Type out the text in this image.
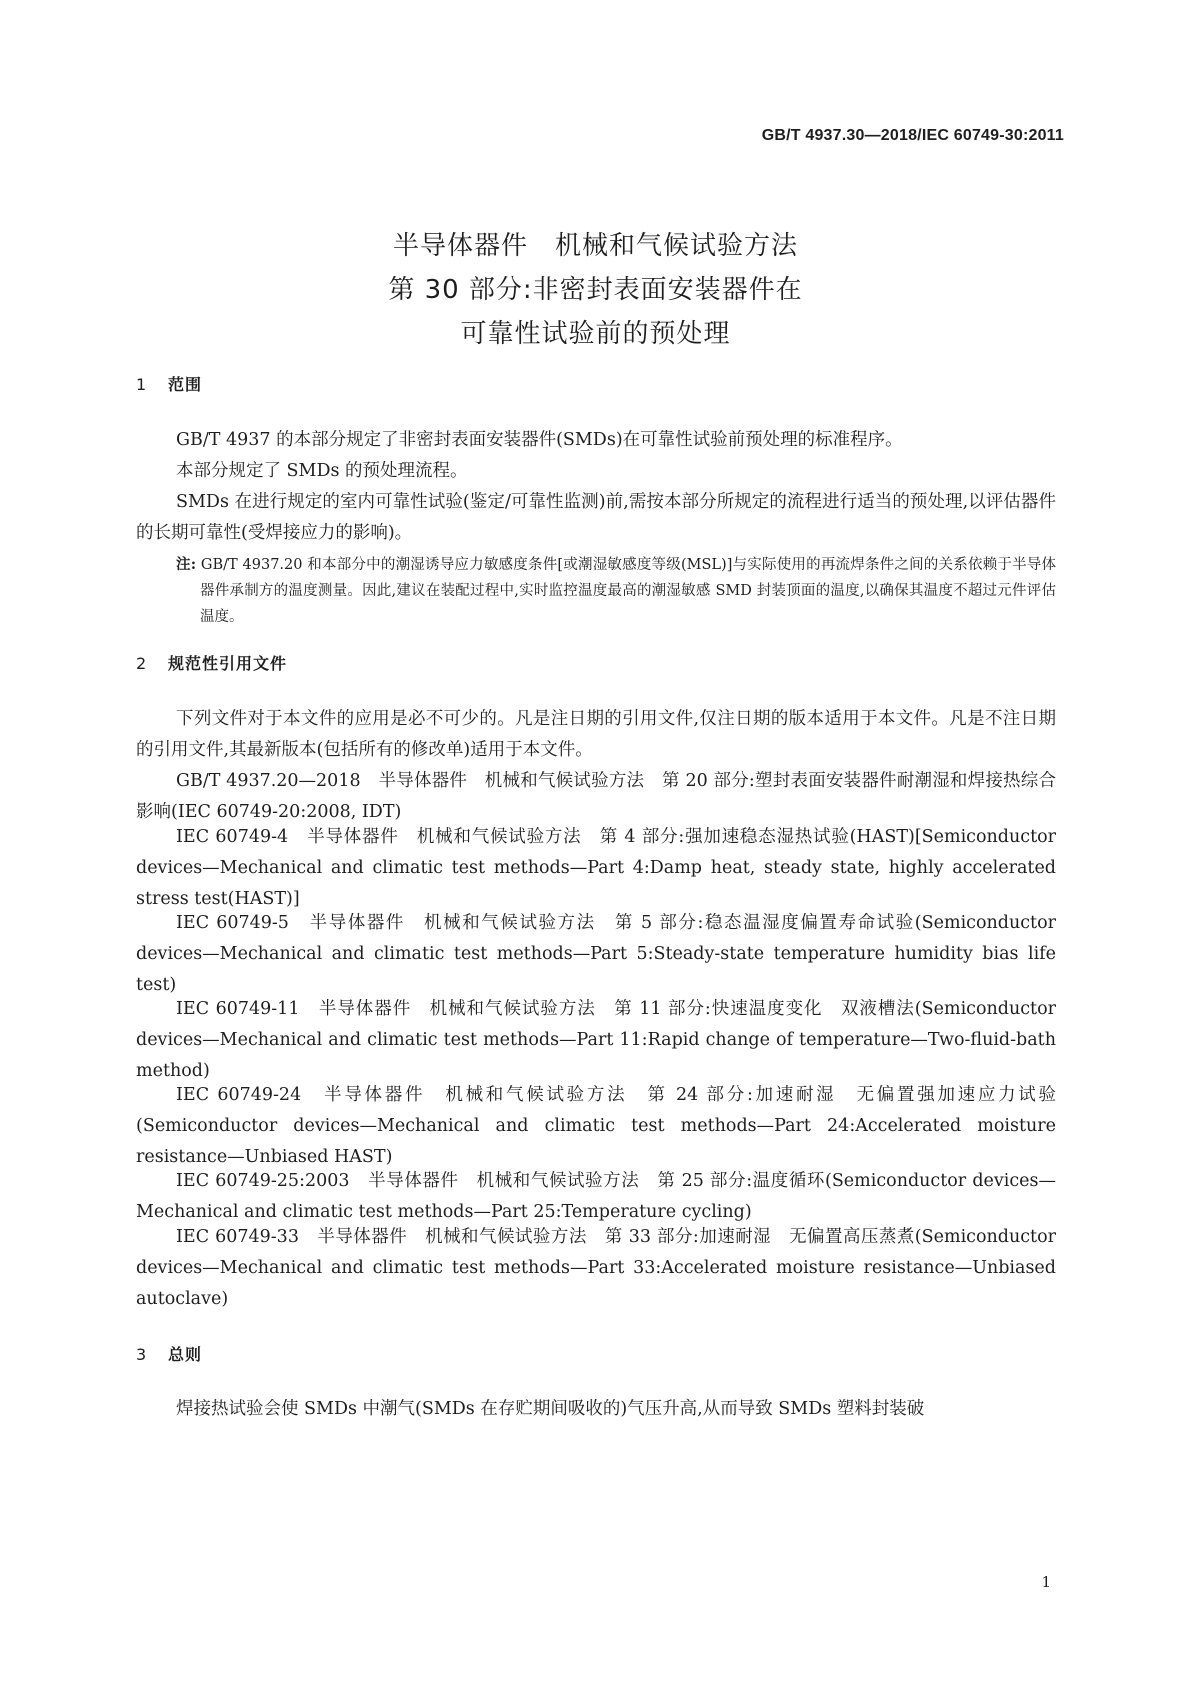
GB/T 4937.30—2018/IEC 60749-30:2011
半导体器件　机械和气候试验方法
第 30 部分:非密封表面安装器件在
可靠性试验前的预处理
1 范围
GB/T 4937 的本部分规定了非密封表面安装器件(SMDs)在可靠性试验前预处理的标准程序。
本部分规定了 SMDs 的预处理流程。
SMDs 在进行规定的室内可靠性试验(鉴定/可靠性监测)前,需按本部分所规定的流程进行适当的预处理,以评估器件的长期可靠性(受焊接应力的影响)。
注: GB/T 4937.20 和本部分中的潮湿诱导应力敏感度条件[或潮湿敏感度等级(MSL)]与实际使用的再流焊条件之间的关系依赖于半导体器件承制方的温度测量。因此,建议在装配过程中,实时监控温度最高的潮湿敏感 SMD 封装顶面的温度,以确保其温度不超过元件评估温度。
2 规范性引用文件
下列文件对于本文件的应用是必不可少的。凡是注日期的引用文件,仅注日期的版本适用于本文件。凡是不注日期的引用文件,其最新版本(包括所有的修改单)适用于本文件。
GB/T 4937.20—2018　半导体器件　机械和气候试验方法　第 20 部分:塑封表面安装器件耐潮湿和焊接热综合影响(IEC 60749-20:2008, IDT)
IEC 60749-4　半导体器件　机械和气候试验方法　第 4 部分:强加速稳态湿热试验(HAST)[Semiconductor devices—Mechanical and climatic test methods—Part 4:Damp heat, steady state, highly accelerated stress test(HAST)]
IEC 60749-5　半导体器件　机械和气候试验方法　第 5 部分:稳态温湿度偏置寿命试验(Semiconductor devices—Mechanical and climatic test methods—Part 5:Steady-state temperature humidity bias life test)
IEC 60749-11　半导体器件　机械和气候试验方法　第 11 部分:快速温度变化　双液槽法(Semiconductor devices—Mechanical and climatic test methods—Part 11:Rapid change of temperature—Two-fluid-bath method)
IEC 60749-24　半导体器件　机械和气候试验方法　第 24 部分:加速耐湿　无偏置强加速应力试验(Semiconductor devices—Mechanical and climatic test methods—Part 24:Accelerated moisture resistance—Unbiased HAST)
IEC 60749-25:2003　半导体器件　机械和气候试验方法　第 25 部分:温度循环(Semiconductor devices—Mechanical and climatic test methods—Part 25:Temperature cycling)
IEC 60749-33　半导体器件　机械和气候试验方法　第 33 部分:加速耐湿　无偏置高压蒸煮(Semiconductor devices—Mechanical and climatic test methods—Part 33:Accelerated moisture resistance—Unbiased autoclave)
3 总则
焊接热试验会使 SMDs 中潮气(SMDs 在存贮期间吸收的)气压升高,从而导致 SMDs 塑料封装破
1
